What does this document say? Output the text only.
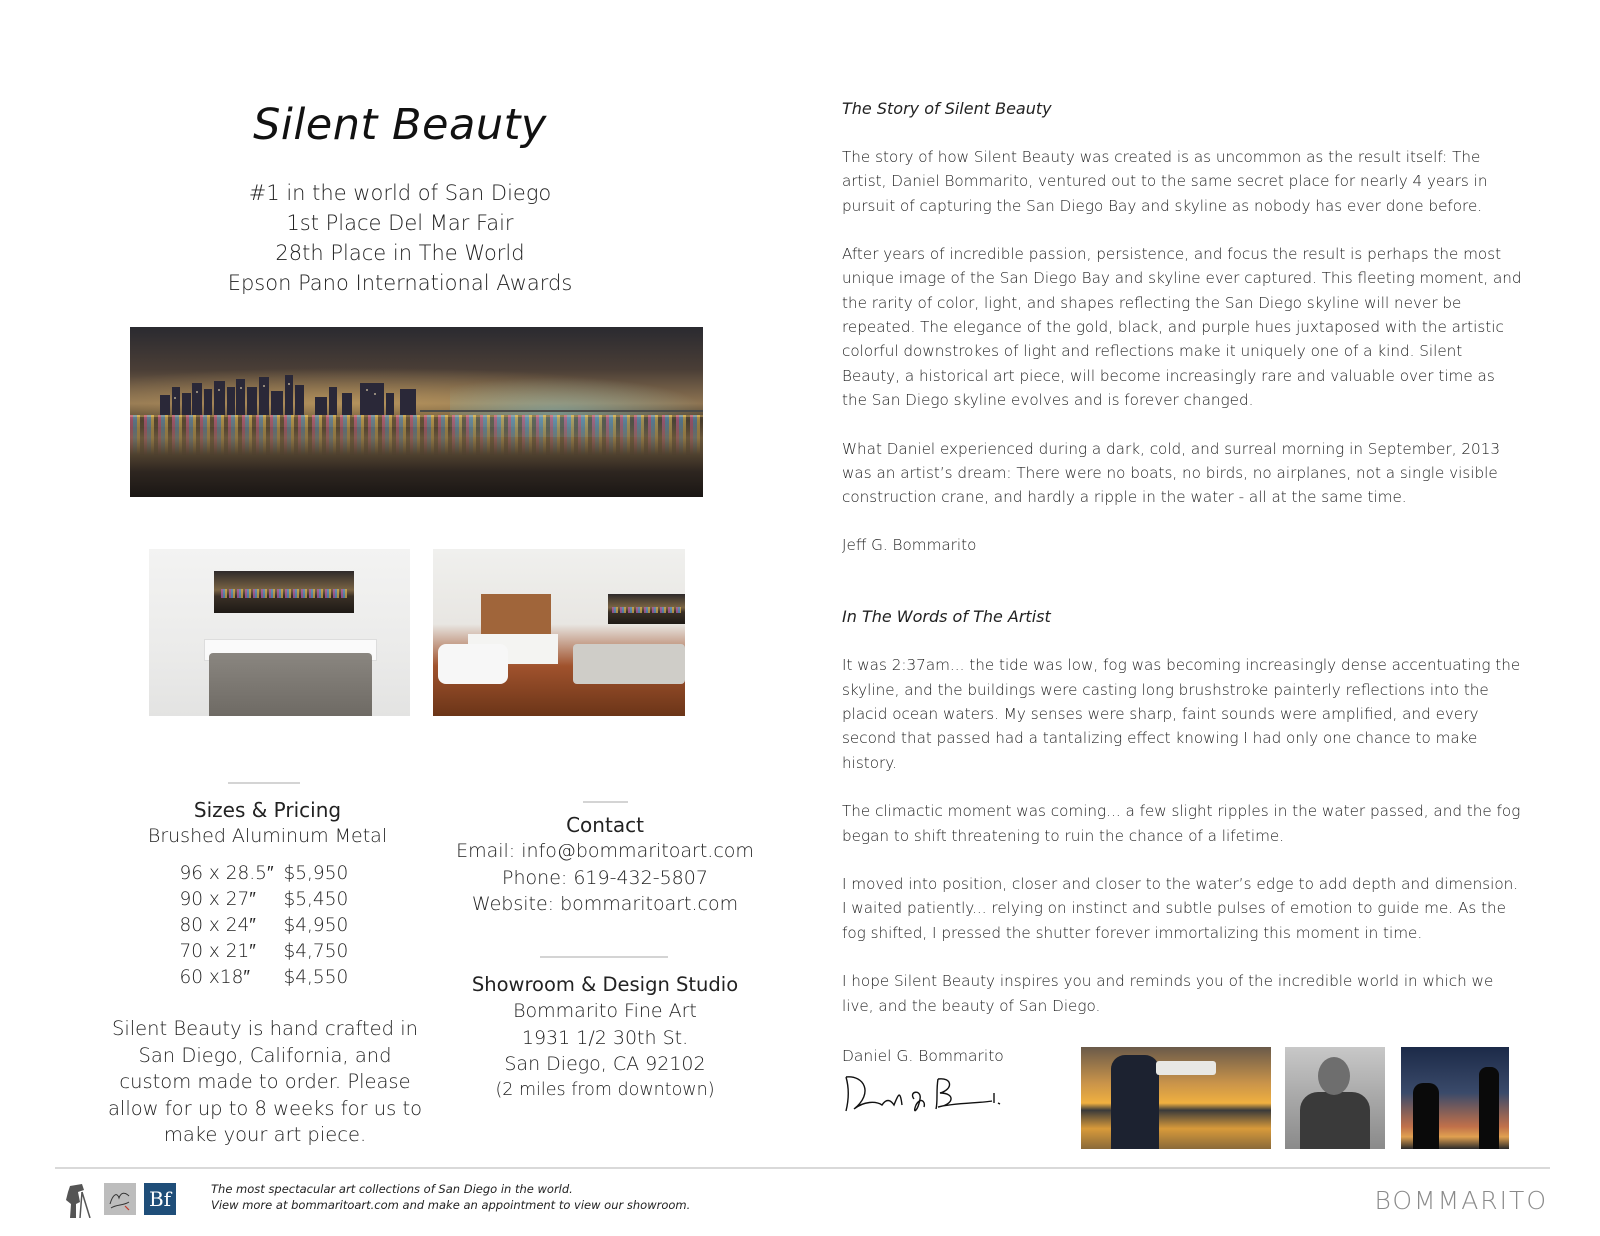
Silent Beauty
#1 in the world of San Diego
1st Place Del Mar Fair
28th Place in The World
Epson Pano International Awards
Sizes & Pricing
Brushed Aluminum Metal
96 x 28.5″	$5,950
90 x 27″	$5,450
80 x 24″	$4,950
70 x 21″	$4,750
60 x18″	$4,550
Silent Beauty is hand crafted in San Diego, California, and custom made to order. Please allow for up to 8 weeks for us to make your art piece.
Contact
Email: info@bommaritoart.com
Phone: 619-432-5807
Website: bommaritoart.com
Showroom & Design Studio
Bommarito Fine Art
1931 1/2 30th St.
San Diego, CA 92102
(2 miles from downtown)
The Story of Silent Beauty

The story of how Silent Beauty was created is as uncommon as the result itself: The artist, Daniel Bommarito, ventured out to the same secret place for nearly 4 years in pursuit of capturing the San Diego Bay and skyline as nobody has ever done before.

After years of incredible passion, persistence, and focus the result is perhaps the most unique image of the San Diego Bay and skyline ever captured. This fleeting moment, and the rarity of color, light, and shapes reflecting the San Diego skyline will never be repeated. The elegance of the gold, black, and purple hues juxtaposed with the artistic colorful downstrokes of light and reflections make it uniquely one of a kind. Silent Beauty, a historical art piece, will become increasingly rare and valuable over time as the San Diego skyline evolves and is forever changed.

What Daniel experienced during a dark, cold, and surreal morning in September, 2013 was an artist’s dream: There were no boats, no birds, no airplanes, not a single visible construction crane, and hardly a ripple in the water - all at the same time.

Jeff G. Bommarito
In The Words of The Artist

It was 2:37am... the tide was low, fog was becoming increasingly dense accentuating the skyline, and the buildings were casting long brushstroke painterly reflections into the placid ocean waters. My senses were sharp, faint sounds were amplified, and every second that passed had a tantalizing effect knowing I had only one chance to make history.

The climactic moment was coming... a few slight ripples in the water passed, and the fog began to shift threatening to ruin the chance of a lifetime.

I moved into position, closer and closer to the water’s edge to add depth and dimension. I waited patiently... relying on instinct and subtle pulses of emotion to guide me. As the fog shifted, I pressed the shutter forever immortalizing this moment in time.

I hope Silent Beauty inspires you and reminds you of the incredible world in which we live, and the beauty of San Diego.

Daniel G. Bommarito
Bf	The most spectacular art collections of San Diego in the world.
View more at bommaritoart.com and make an appointment to view our showroom.	BOMMARITO
